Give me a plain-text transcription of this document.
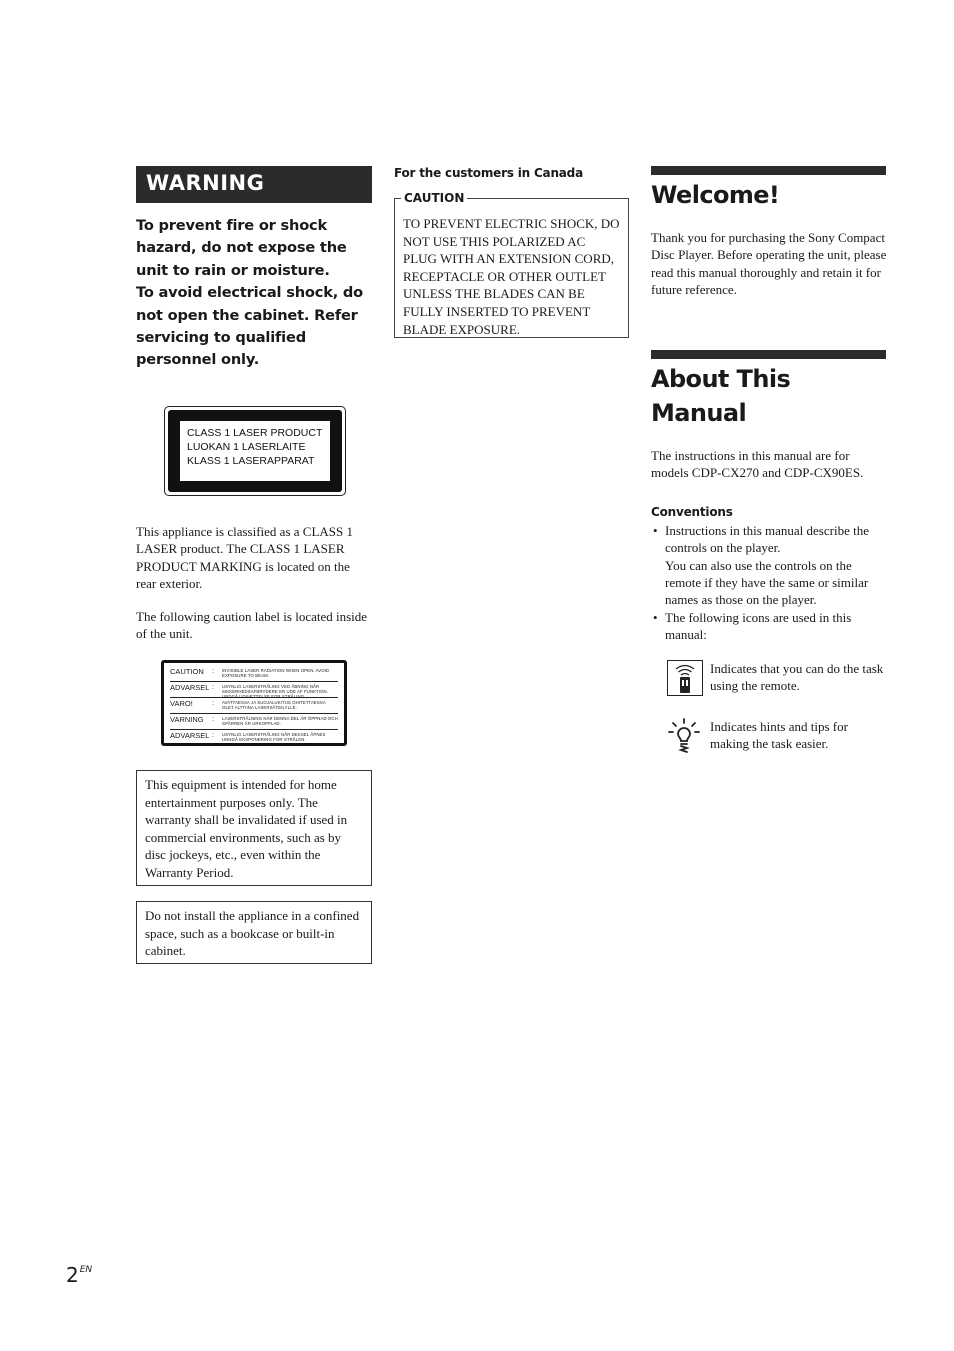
WARNING

To prevent fire or shock hazard, do not expose the unit to rain or moisture.

To avoid electrical shock, do not open the cabinet. Refer servicing to qualified personnel only.

CLASS 1 LASER PRODUCT
LUOKAN 1 LASERLAITE
KLASS 1 LASERAPPARAT

This appliance is classified as a CLASS 1 LASER product. The CLASS 1 LASER PRODUCT MARKING is located on the rear exterior.

The following caution label is located inside of the unit.

CAUTION	:	INVISIBLE LASER RADIATION WHEN OPEN. AVOID EXPOSURE TO BEAM.
ADVARSEL :	USYNLIG LASERSTRÅLING VED ÅBNING NÅR SIKKERHEDSAFBRYDERE ER UDE AF FUNKTION. UNDGÅ UDSÆTTELSE FOR STRÅLING.
VARO!	:	AVATTAESSA JA SUOJALUKITUS OHITETTAESSA OLET ALTTIINA LASERSÄTEILYLLE.
VARNING	:	LASERSTRÅLNING NÄR DENNA DEL ÄR ÖPPNAD OCH SPÄRREN ÄR URKOPPLAD.
ADVARSEL :	USYNLIG LASERSTRÅLING NÅR DEKSEL ÅPNES UNNGÅ EKSPONERING FOR STRÅLEN.
This equipment is intended for home entertainment purposes only. The warranty shall be invalidated if used in commercial environments, such as by disc jockeys, etc., even within the Warranty Period.
Do not install the appliance in a confined space, such as a bookcase or built-in cabinet.

For the customers in Canada

CAUTION

TO PREVENT ELECTRIC SHOCK, DO NOT USE THIS POLARIZED AC PLUG WITH AN EXTENSION CORD, RECEPTACLE OR OTHER OUTLET UNLESS THE BLADES CAN BE FULLY INSERTED TO PREVENT BLADE EXPOSURE.

Welcome!

Thank you for purchasing the Sony Compact Disc Player. Before operating the unit, please read this manual thoroughly and retain it for future reference.

About This Manual

The instructions in this manual are for models CDP-CX270 and CDP-CX90ES.

Conventions

• Instructions in this manual describe the controls on the player.
You can also use the controls on the remote if they have the same or similar names as those on the player.
• The following icons are used in this manual:
Indicates that you can do the task using the remote.
Indicates hints and tips for making the task easier.
$2^{EN}$
